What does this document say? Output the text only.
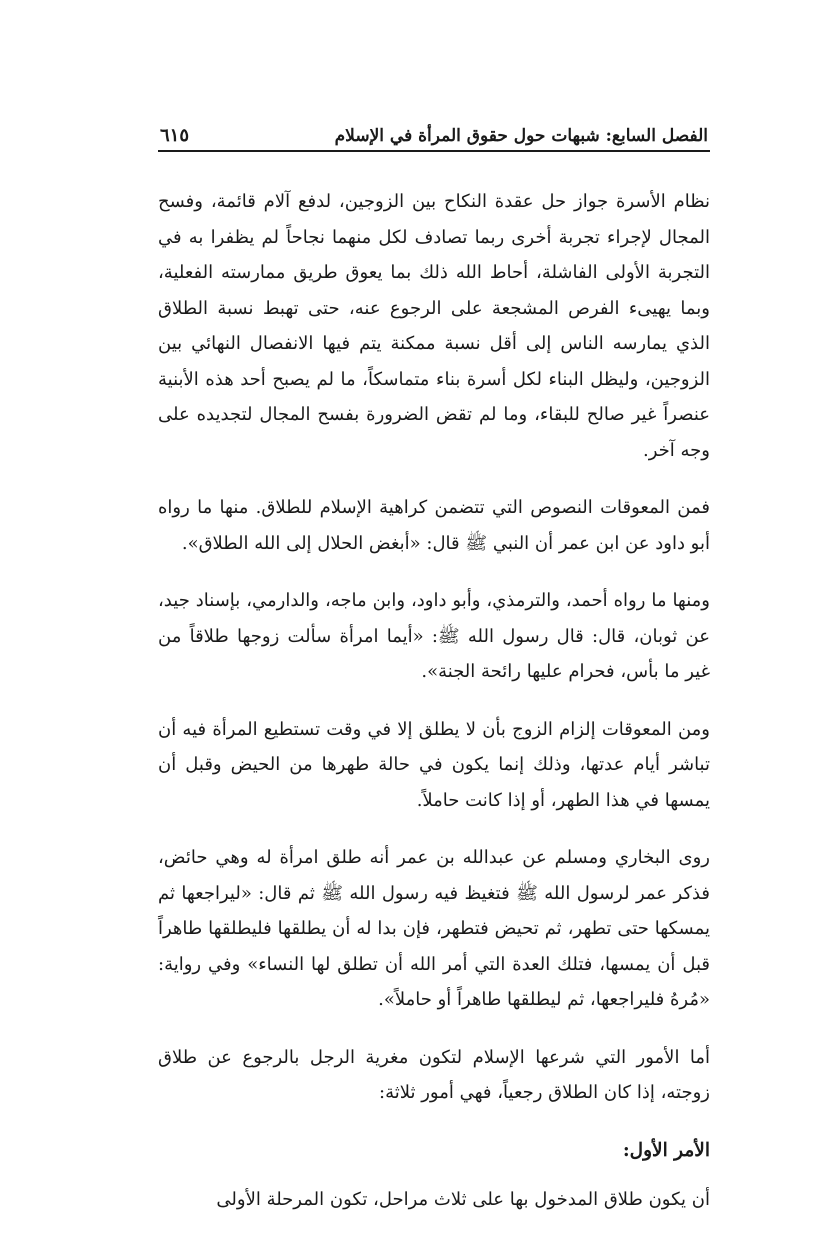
الفصل السابع: شبهات حول حقوق المرأة في الإسلام
٦١٥

نظام الأسرة جواز حل عقدة النكاح بين الزوجين، لدفع آلام قائمة، وفسح المجال لإجراء تجربة أخرى ربما تصادف لكل منهما نجاحاً لم يظفرا به في التجربة الأولى الفاشلة، أحاط الله ذلك بما يعوق طريق ممارسته الفعلية، وبما يهيىء الفرص المشجعة على الرجوع عنه، حتى تهبط نسبة الطلاق الذي يمارسه الناس إلى أقل نسبة ممكنة يتم فيها الانفصال النهائي بين الزوجين، وليظل البناء لكل أسرة بناء متماسكاً، ما لم يصبح أحد هذه الأبنية عنصراً غير صالح للبقاء، وما لم تقض الضرورة بفسح المجال لتجديده على وجه آخر.

فمن المعوقات النصوص التي تتضمن كراهية الإسلام للطلاق. منها ما رواه أبو داود عن ابن عمر أن النبي ﷺ قال: «أبغض الحلال إلى الله الطلاق».

ومنها ما رواه أحمد، والترمذي، وأبو داود، وابن ماجه، والدارمي، بإسناد جيد، عن ثوبان، قال: قال رسول الله ﷺ: «أيما امرأة سألت زوجها طلاقاً من غير ما بأس، فحرام عليها رائحة الجنة».

ومن المعوقات إلزام الزوج بأن لا يطلق إلا في وقت تستطيع المرأة فيه أن تباشر أيام عدتها، وذلك إنما يكون في حالة طهرها من الحيض وقبل أن يمسها في هذا الطهر، أو إذا كانت حاملاً.

روى البخاري ومسلم عن عبدالله بن عمر أنه طلق امرأة له وهي حائض، فذكر عمر لرسول الله ﷺ فتغيظ فيه رسول الله ﷺ ثم قال: «ليراجعها ثم يمسكها حتى تطهر، ثم تحيض فتطهر، فإن بدا له أن يطلقها فليطلقها طاهراً قبل أن يمسها، فتلك العدة التي أمر الله أن تطلق لها النساء» وفي رواية: «مُرهُ فليراجعها، ثم ليطلقها طاهراً أو حاملاً».

أما الأمور التي شرعها الإسلام لتكون مغرية الرجل بالرجوع عن طلاق زوجته، إذا كان الطلاق رجعياً، فهي أمور ثلاثة:

الأمر الأول:

أن يكون طلاق المدخول بها على ثلاث مراحل، تكون المرحلة الأولى
